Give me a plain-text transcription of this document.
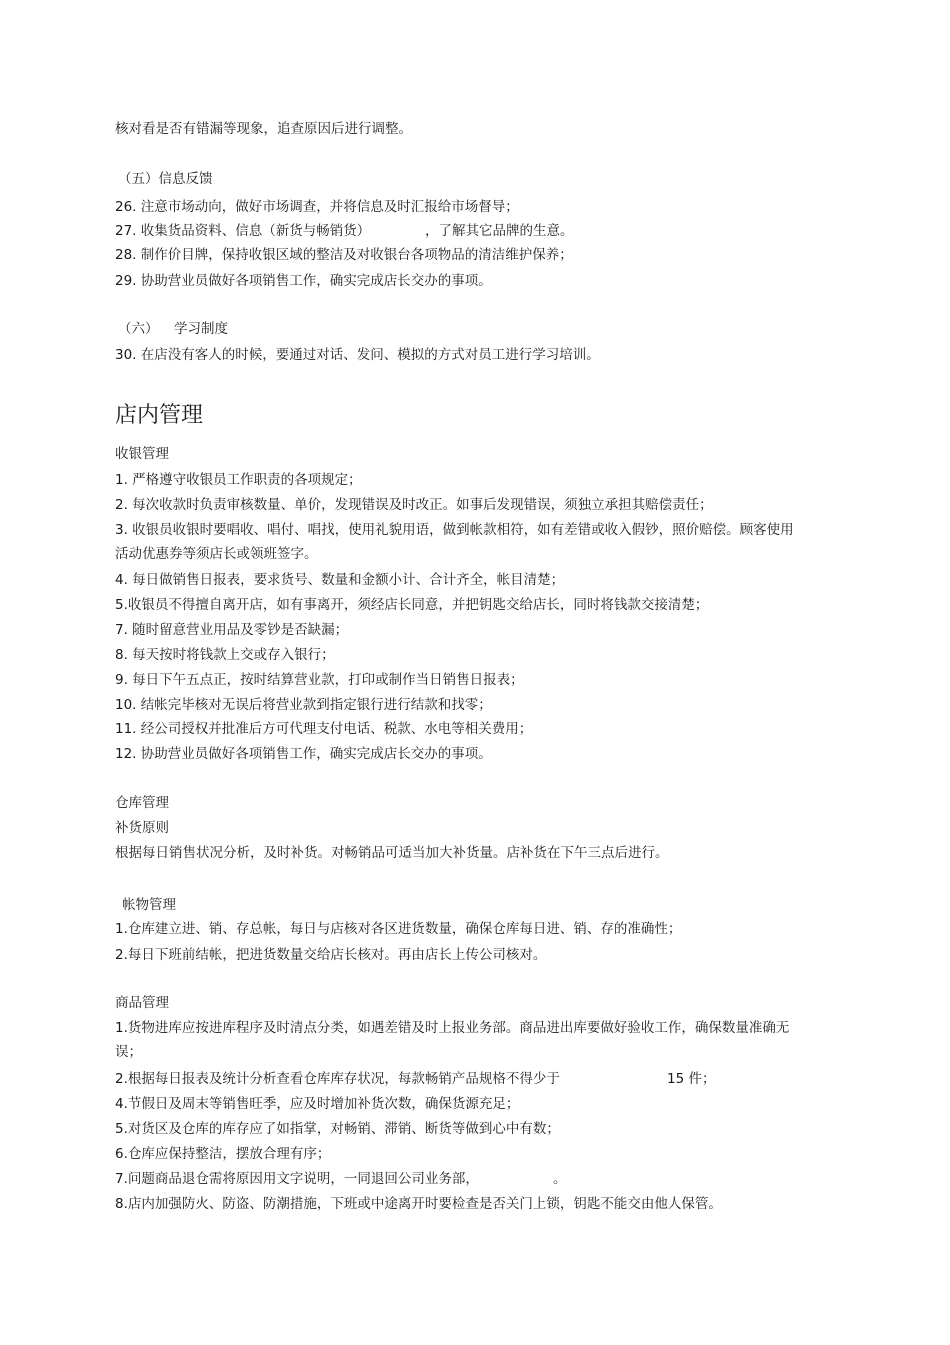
核对看是否有错漏等现象，追查原因后进行调整。
（五）信息反馈
26. 注意市场动向，做好市场调查，并将信息及时汇报给市场督导；
27. 收集货品资料、信息（新货与畅销货）	，了解其它品牌的生意。
28. 制作价目牌，保持收银区域的整洁及对收银台各项物品的清洁维护保养；
29. 协助营业员做好各项销售工作，确实完成店长交办的事项。
（六） 学习制度
30. 在店没有客人的时候，要通过对话、发问、模拟的方式对员工进行学习培训。
店内管理
收银管理
1. 严格遵守收银员工作职责的各项规定；
2. 每次收款时负责审核数量、单价，发现错误及时改正。如事后发现错误，须独立承担其赔偿责任；
3. 收银员收银时要唱收、唱付、唱找，使用礼貌用语，做到帐款相符，如有差错或收入假钞，照价赔偿。顾客使用活动优惠券等须店长或领班签字。
4. 每日做销售日报表，要求货号、数量和金额小计、合计齐全，帐目清楚；
5.收银员不得擅自离开店，如有事离开，须经店长同意，并把钥匙交给店长，同时将钱款交接清楚；
7. 随时留意营业用品及零钞是否缺漏；
8. 每天按时将钱款上交或存入银行；
9. 每日下午五点正，按时结算营业款，打印或制作当日销售日报表；
10. 结帐完毕核对无误后将营业款到指定银行进行结款和找零；
11. 经公司授权并批准后方可代理支付电话、税款、水电等相关费用；
12. 协助营业员做好各项销售工作，确实完成店长交办的事项。
仓库管理
补货原则
根据每日销售状况分析，及时补货。对畅销品可适当加大补货量。店补货在下午三点后进行。
帐物管理
1.仓库建立进、销、存总帐，每日与店核对各区进货数量，确保仓库每日进、销、存的准确性；
2.每日下班前结帐，把进货数量交给店长核对。再由店长上传公司核对。
商品管理
1.货物进库应按进库程序及时清点分类，如遇差错及时上报业务部。商品进出库要做好验收工作，确保数量准确无误；
2.根据每日报表及统计分析查看仓库库存状况，每款畅销产品规格不得少于	15 件；
4.节假日及周末等销售旺季，应及时增加补货次数，确保货源充足；
5.对货区及仓库的库存应了如指掌，对畅销、滞销、断货等做到心中有数；
6.仓库应保持整洁，摆放合理有序；
7.问题商品退仓需将原因用文字说明，一同退回公司业务部，	。
8.店内加强防火、防盗、防潮措施，下班或中途离开时要检查是否关门上锁，钥匙不能交由他人保管。
